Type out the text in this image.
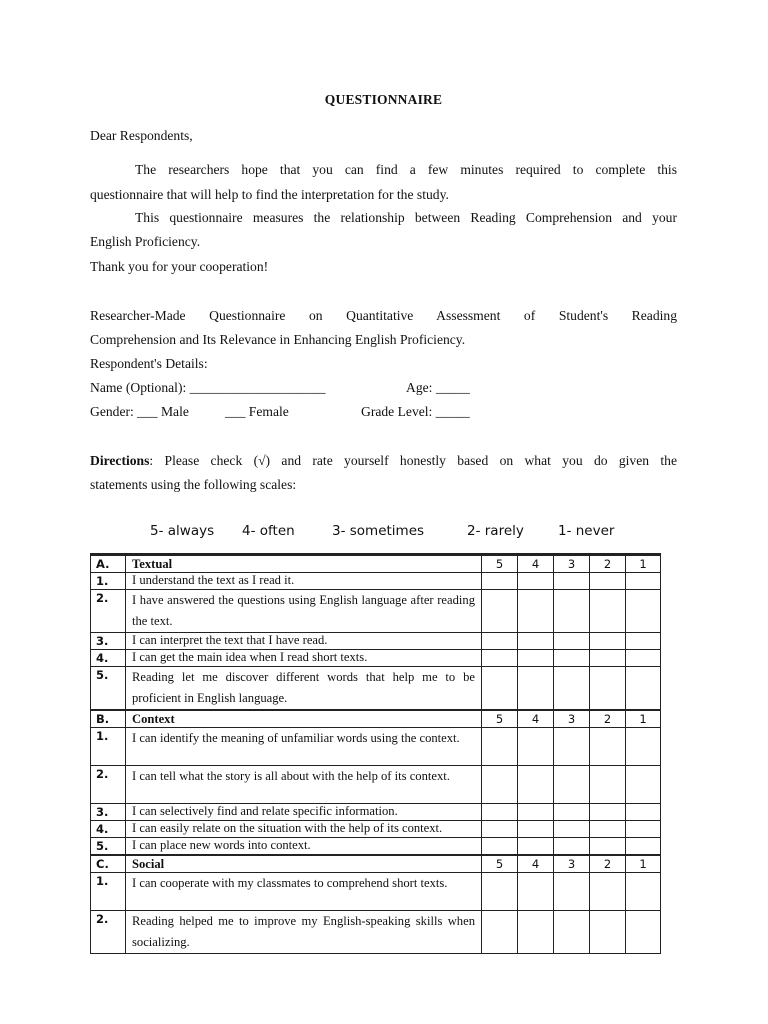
QUESTIONNAIRE
Dear Respondents,
The researchers hope that you can find a few minutes required to complete this
questionnaire that will help to find the interpretation for the study.
This questionnaire measures the relationship between Reading Comprehension and your
English Proficiency.
Thank you for your cooperation!
Researcher-Made Questionnaire on Quantitative Assessment of Student's Reading
Comprehension and Its Relevance in Enhancing English Proficiency.
Respondent's Details:
Name (Optional): ____________________	Age: _____
Gender: ___ Male	___ Female	Grade Level: _____
Directions: Please check (√) and rate yourself honestly based on what you do given the
statements using the following scales:
5- always 4- often	3- sometimes	2- rarely	1- never
A.	Textual	5	4	3	2	1
1.	I understand the text as I read it.					
2.	I have answered the questions using English language after reading the text.					
3.	I can interpret the text that I have read.					
4.	I can get the main idea when I read short texts.					
5.	Reading let me discover different words that help me to be proficient in English language.					
B.	Context	5	4	3	2	1
1.	I can identify the meaning of unfamiliar words using the context.					
2.	I can tell what the story is all about with the help of its context.					
3.	I can selectively find and relate specific information.					
4.	I can easily relate on the situation with the help of its context.					
5.	I can place new words into context.					
C.	Social	5	4	3	2	1
1.	I can cooperate with my classmates to comprehend short texts.					
2.	Reading helped me to improve my English-speaking skills when socializing.					
